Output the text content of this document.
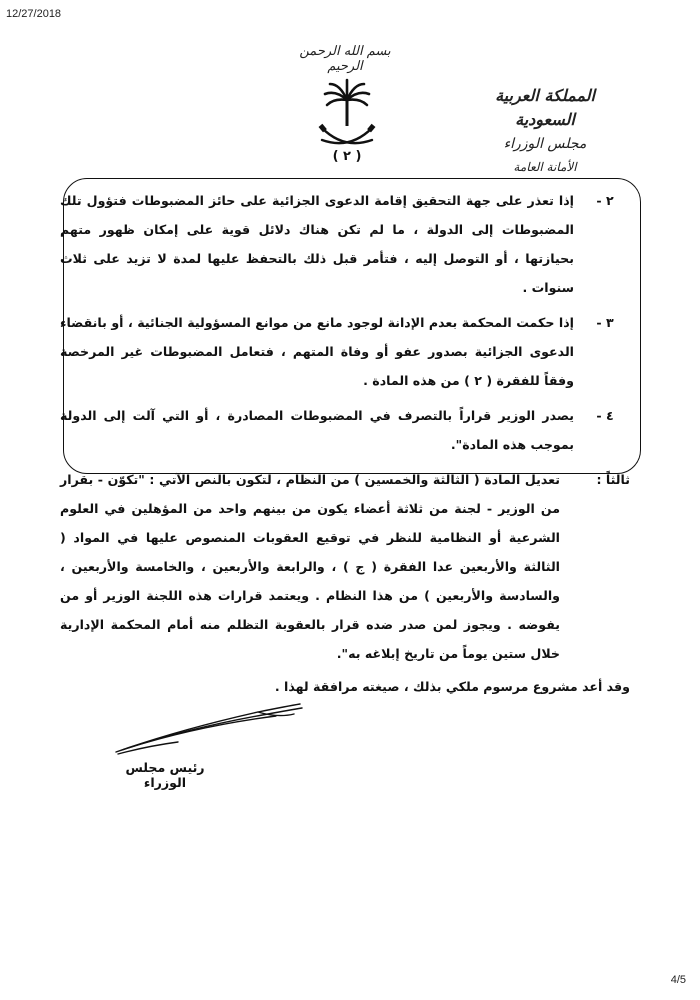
12/27/2018
بسم الله الرحمن الرحيم
( ٢ )
المملكة العربية السعودية
مجلس الوزراء
الأمانة العامة
٢ -
إذا تعذر على جهة التحقيق إقامة الدعوى الجزائية على حائز المضبوطات فتؤول تلك المضبوطات إلى الدولة ، ما لم تكن هناك دلائل قوية على إمكان ظهور متهم بحيازتها ، أو التوصل إليه ، فتأمر قبل ذلك بالتحفظ عليها لمدة لا تزيد على ثلاث سنوات .
٣ -
إذا حكمت المحكمة بعدم الإدانة لوجود مانع من موانع المسؤولية الجنائية ، أو بانقضاء الدعوى الجزائية بصدور عفو أو وفاة المتهم ، فتعامل المضبوطات غير المرخصة وفقاً للفقرة ( ٢ ) من هذه المادة .
٤ -
يصدر الوزير قراراً بالتصرف في المضبوطات المصادرة ، أو التي آلت إلى الدولة بموجب هذه المادة".
ثالثاً :
تعديل المادة ( الثالثة والخمسين ) من النظام ، لتكون بالنص الآتي : "تكوّن - بقرار من الوزير - لجنة من ثلاثة أعضاء يكون من بينهم واحد من المؤهلين في العلوم الشرعية أو النظامية للنظر في توقيع العقوبات المنصوص عليها في المواد ( الثالثة والأربعين عدا الفقرة ( ج ) ، والرابعة والأربعين ، والخامسة والأربعين ، والسادسة والأربعين ) من هذا النظام . ويعتمد قرارات هذه اللجنة الوزير أو من يفوضه . ويجوز لمن صدر ضده قرار بالعقوبة التظلم منه أمام المحكمة الإدارية خلال ستين يوماً من تاريخ إبلاغه به".
وقد أعد مشروع مرسوم ملكي بذلك ، صيغته مرافقة لهذا .
رئيس مجلس الوزراء
4/5
